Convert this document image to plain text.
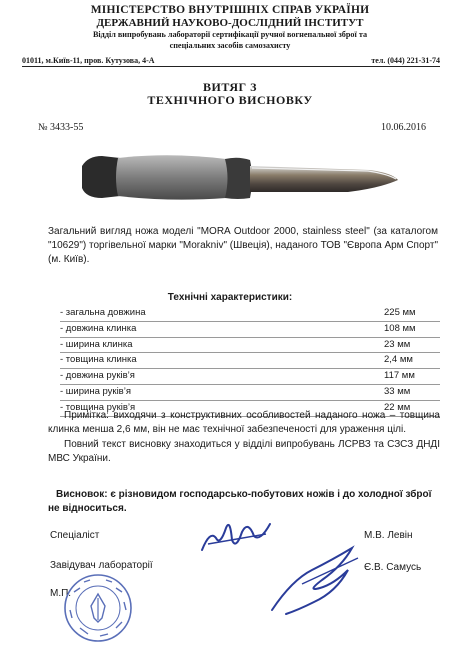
МІНІСТЕРСТВО ВНУТРІШНІХ СПРАВ УКРАЇНИ
ДЕРЖАВНИЙ НАУКОВО-ДОСЛІДНИЙ ІНСТИТУТ
Відділ випробувань лабораторії сертифікації ручної вогнепальної зброї та
спеціальних засобів самозахисту
01011, м.Київ-11, пров. Кутузова, 4-А	тел. (044) 221-31-74
ВИТЯГ З
ТЕХНІЧНОГО ВИСНОВКУ
№ 3433-55	10.06.2016
Загальний вигляд ножа моделі "MORA Outdoor 2000, stainless steel" (за каталогом "10629") торгівельної марки "Morakniv" (Швеція), наданого ТОВ "Європа Арм Спорт" (м. Київ).
Технічні характеристики:
- загальна довжина	225 мм
- довжина клинка	108 мм
- ширина клинка	23 мм
- товщина клинка	2,4 мм
- довжина руків’я	117 мм
- ширина руків’я	33 мм
- товщина руків’я	22 мм
Примітка: виходячи з конструктивних особливостей наданого ножа – товщина клинка менша 2,6 мм, він не має технічної забезпеченості для ураження цілі.
Повний текст висновку знаходиться у відділі випробувань ЛСРВЗ та СЗСЗ ДНДІ МВС України.
Висновок: є різновидом господарсько-побутових ножів і до холодної зброї не відноситься.
Спеціаліст	М.В. Левін
Завідувач лабораторії	Є.В. Самусь
М.П.
